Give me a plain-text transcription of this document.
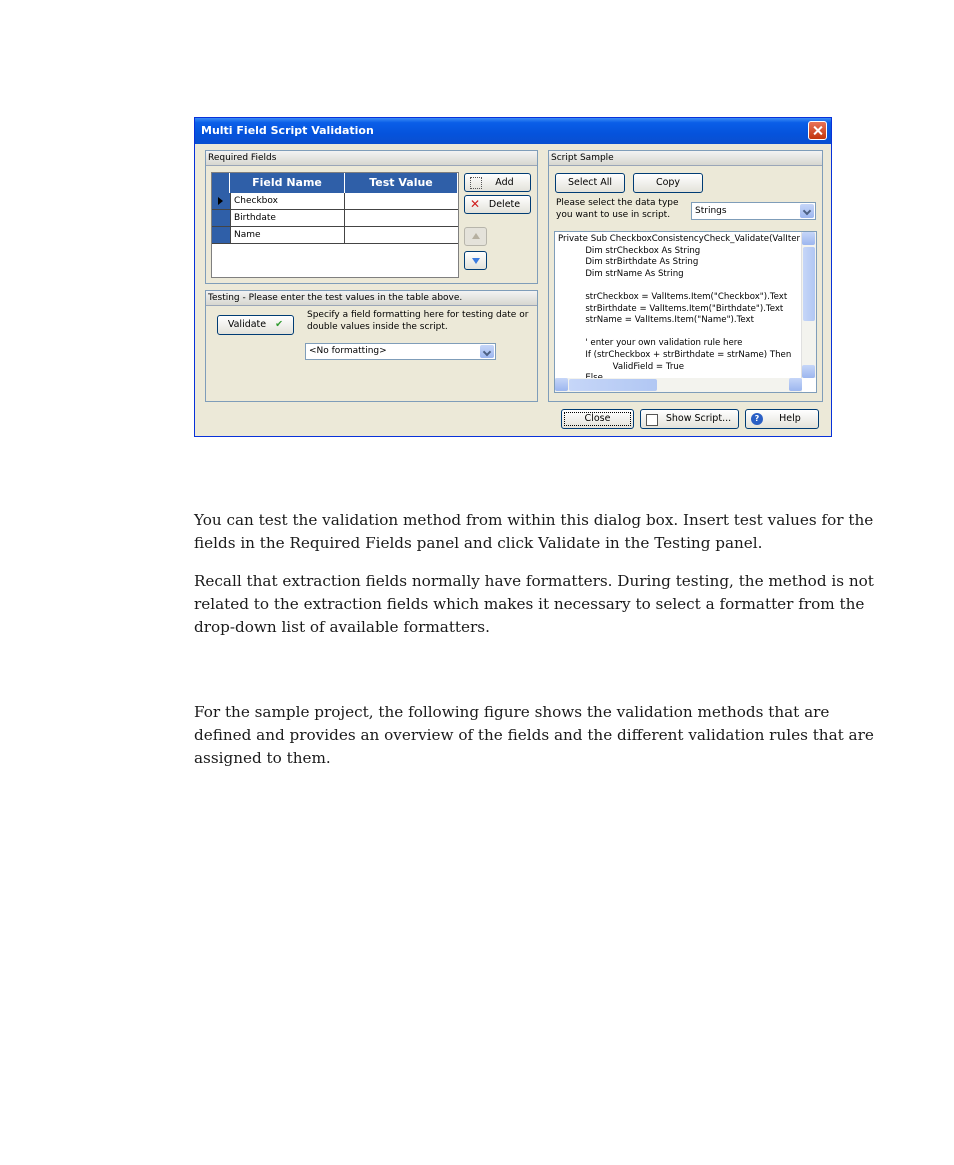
Multi Field Script Validation
Required Fields
Field Name	Test Value
Checkbox
Birthdate
Name
Add
✕ Delete
Testing - Please enter the test values in the table above.
Validate ✔
Specify a field formatting here for testing date or double values inside the script.
<No formatting>
Script Sample
Select All	Copy
Please select the data type you want to use in script.	Strings
Private Sub CheckboxConsistencyCheck_Validate(ValIter
Dim strCheckbox As String
Dim strBirthdate As String
Dim strName As String

strCheckbox = ValItems.Item("Checkbox").Text
strBirthdate = ValItems.Item("Birthdate").Text
strName = ValItems.Item("Name").Text

' enter your own validation rule here
If (strCheckbox + strBirthdate = strName) Then
ValidField = True

Close	Show Script...	?	Help

You can test the validation method from within this dialog box. Insert test values for the fields in the Required Fields panel and click Validate in the Testing panel.

Recall that extraction fields normally have formatters. During testing, the method is not related to the extraction fields which makes it necessary to select a formatter from the drop-down list of available formatters.

For the sample project, the following figure shows the validation methods that are defined and provides an overview of the fields and the different validation rules that are assigned to them.
